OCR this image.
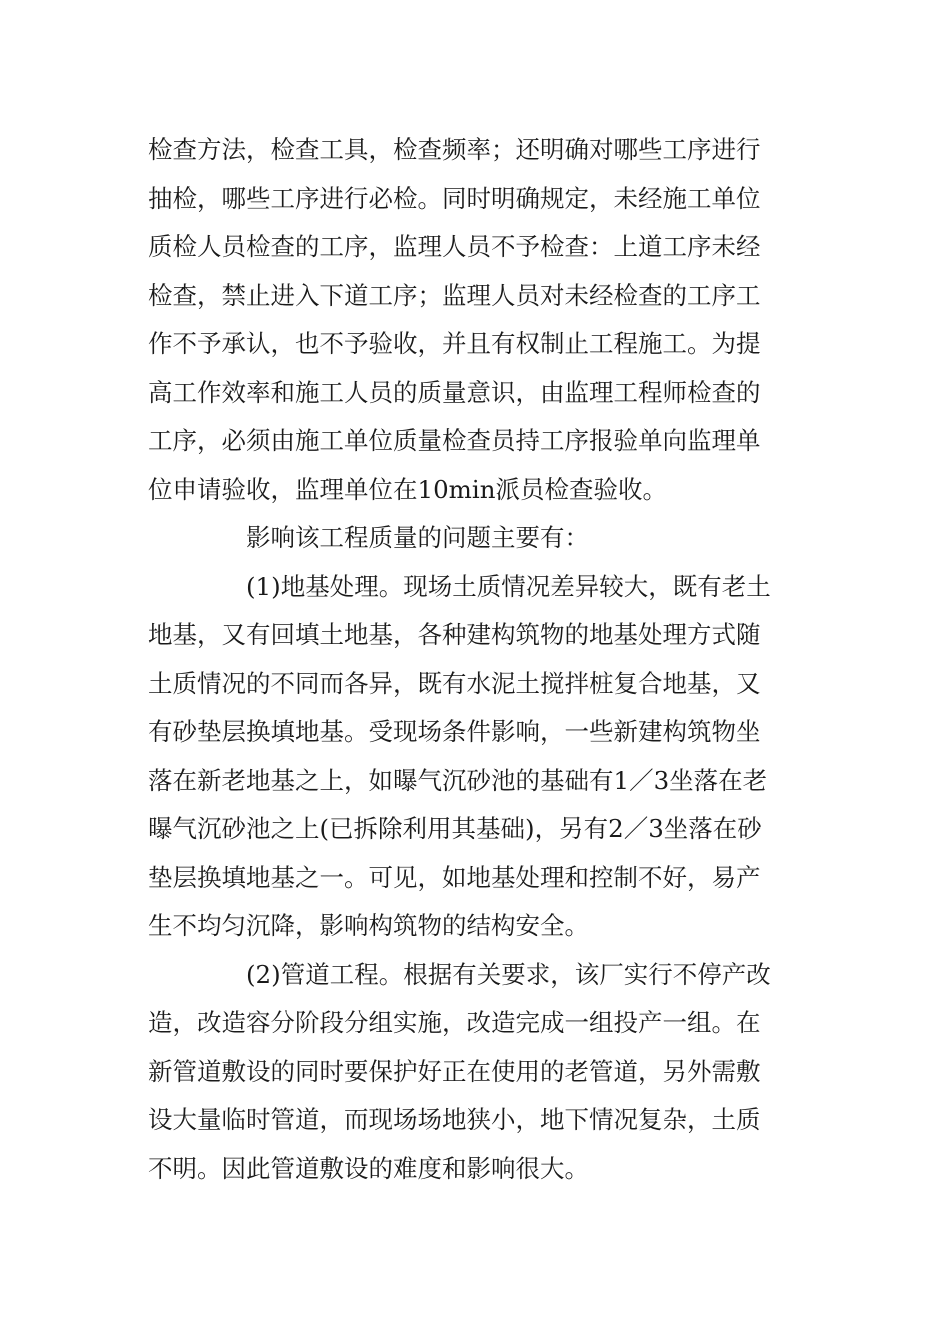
检查方法，检查工具，检查频率；还明确对哪些工序进行
抽检，哪些工序进行必检。同时明确规定，未经施工单位
质检人员检查的工序，监理人员不予检查：上道工序未经
检查，禁止进入下道工序；监理人员对未经检查的工序工
作不予承认，也不予验收，并且有权制止工程施工。为提
高工作效率和施工人员的质量意识，由监理工程师检查的
工序，必须由施工单位质量检查员持工序报验单向监理单
位申请验收，监理单位在10min派员检查验收。
影响该工程质量的问题主要有：
(1)地基处理。现场土质情况差异较大，既有老土
地基，又有回填土地基，各种建构筑物的地基处理方式随
土质情况的不同而各异，既有水泥土搅拌桩复合地基，又
有砂垫层换填地基。受现场条件影响，一些新建构筑物坐
落在新老地基之上，如曝气沉砂池的基础有1／3坐落在老
曝气沉砂池之上(已拆除利用其基础)，另有2／3坐落在砂
垫层换填地基之一。可见，如地基处理和控制不好，易产
生不均匀沉降，影响构筑物的结构安全。
(2)管道工程。根据有关要求，该厂实行不停产改
造，改造容分阶段分组实施，改造完成一组投产一组。在
新管道敷设的同时要保护好正在使用的老管道，另外需敷
设大量临时管道，而现场场地狭小，地下情况复杂，土质
不明。因此管道敷设的难度和影响很大。
